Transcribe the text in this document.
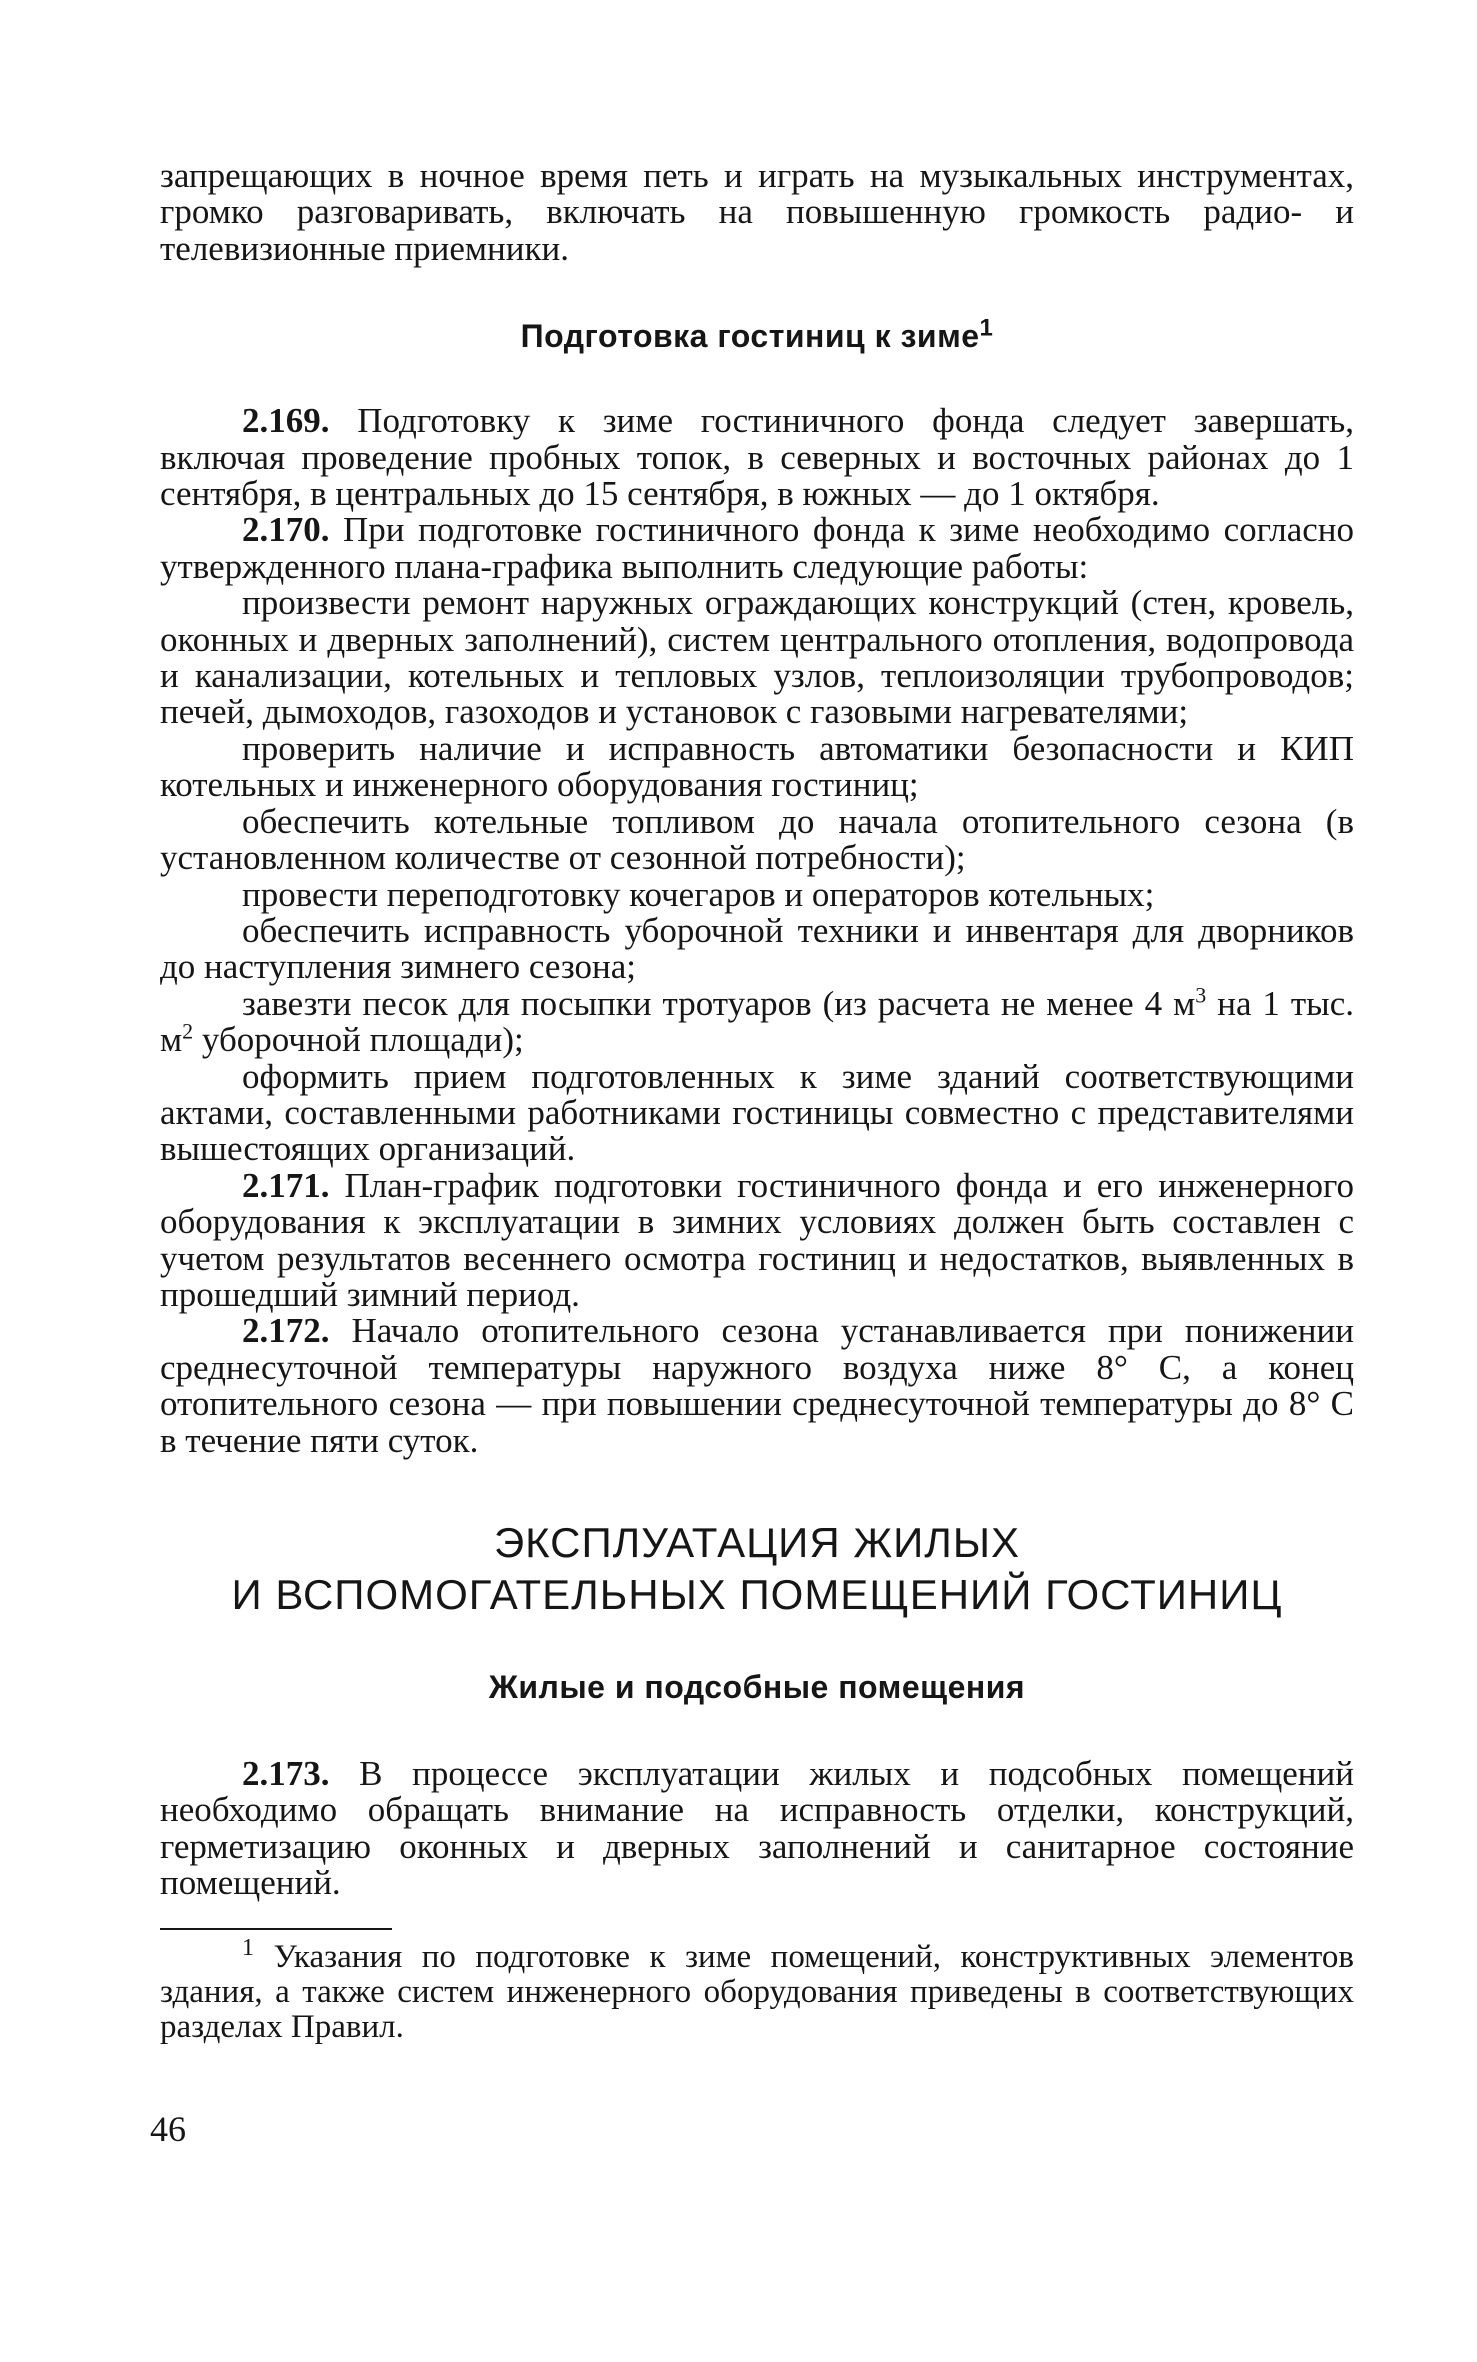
запрещающих в ночное время петь и играть на музыкальных инструментах, громко разговаривать, включать на повышенную громкость радио- и телевизионные приемники.

Подготовка гостиниц к зиме$^1$

2.169. Подготовку к зиме гостиничного фонда следует завершать, включая проведение пробных топок, в северных и восточных районах до 1 сентября, в центральных до 15 сентября, в южных — до 1 октября.

2.170. При подготовке гостиничного фонда к зиме необходимо согласно утвержденного плана-графика выполнить следующие работы:

произвести ремонт наружных ограждающих конструкций (стен, кровель, оконных и дверных заполнений), систем центрального отопления, водопровода и канализации, котельных и тепловых узлов, теплоизоляции трубопроводов; печей, дымоходов, газоходов и установок с газовыми нагревателями;

проверить наличие и исправность автоматики безопасности и КИП котельных и инженерного оборудования гостиниц;

обеспечить котельные топливом до начала отопительного сезона (в установленном количестве от сезонной потребности);

провести переподготовку кочегаров и операторов котельных;

обеспечить исправность уборочной техники и инвентаря для дворников до наступления зимнего сезона;

завезти песок для посыпки тротуаров (из расчета не менее 4 $м^3$ на 1 тыс. $м^2$ уборочной площади);

оформить прием подготовленных к зиме зданий соответствующими актами, составленными работниками гостиницы совместно с представителями вышестоящих организаций.

2.171. План-график подготовки гостиничного фонда и его инженерного оборудования к эксплуатации в зимних условиях должен быть составлен с учетом результатов весеннего осмотра гостиниц и недостатков, выявленных в прошедший зимний период.

2.172. Начало отопительного сезона устанавливается при понижении среднесуточной температуры наружного воздуха ниже 8° С, а конец отопительного сезона — при повышении среднесуточной температуры до 8° С в течение пяти суток.

ЭКСПЛУАТАЦИЯ ЖИЛЫХ
И ВСПОМОГАТЕЛЬНЫХ ПОМЕЩЕНИЙ ГОСТИНИЦ
Жилые и подсобные помещения

2.173. В процессе эксплуатации жилых и подсобных помещений необходимо обращать внимание на исправность отделки, конструкций, герметизацию оконных и дверных заполнений и санитарное состояние помещений.

$^1$ Указания по подготовке к зиме помещений, конструктивных элементов здания, а также систем инженерного оборудования приведены в соответствующих разделах Правил.

46
